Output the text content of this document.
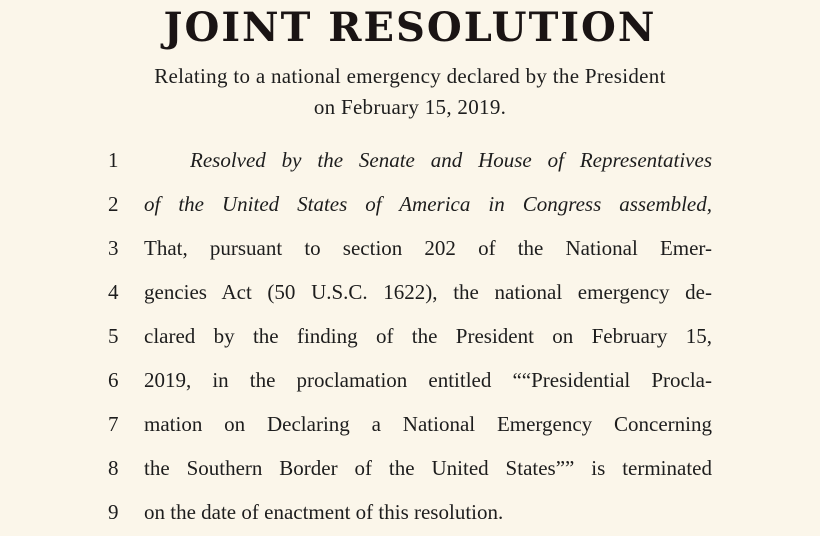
JOINT RESOLUTION
Relating to a national emergency declared by the President
on February 15, 2019.
1	Resolved by the Senate and House of Representatives
2	of the United States of America in Congress assembled,
3	That, pursuant to section 202 of the National Emer-
4	gencies Act (50 U.S.C. 1622), the national emergency de-
5	clared by the finding of the President on February 15,
6	2019, in the proclamation entitled ““Presidential Procla-
7	mation on Declaring a National Emergency Concerning
8	the Southern Border of the United States”” is terminated
9	on the date of enactment of this resolution.
